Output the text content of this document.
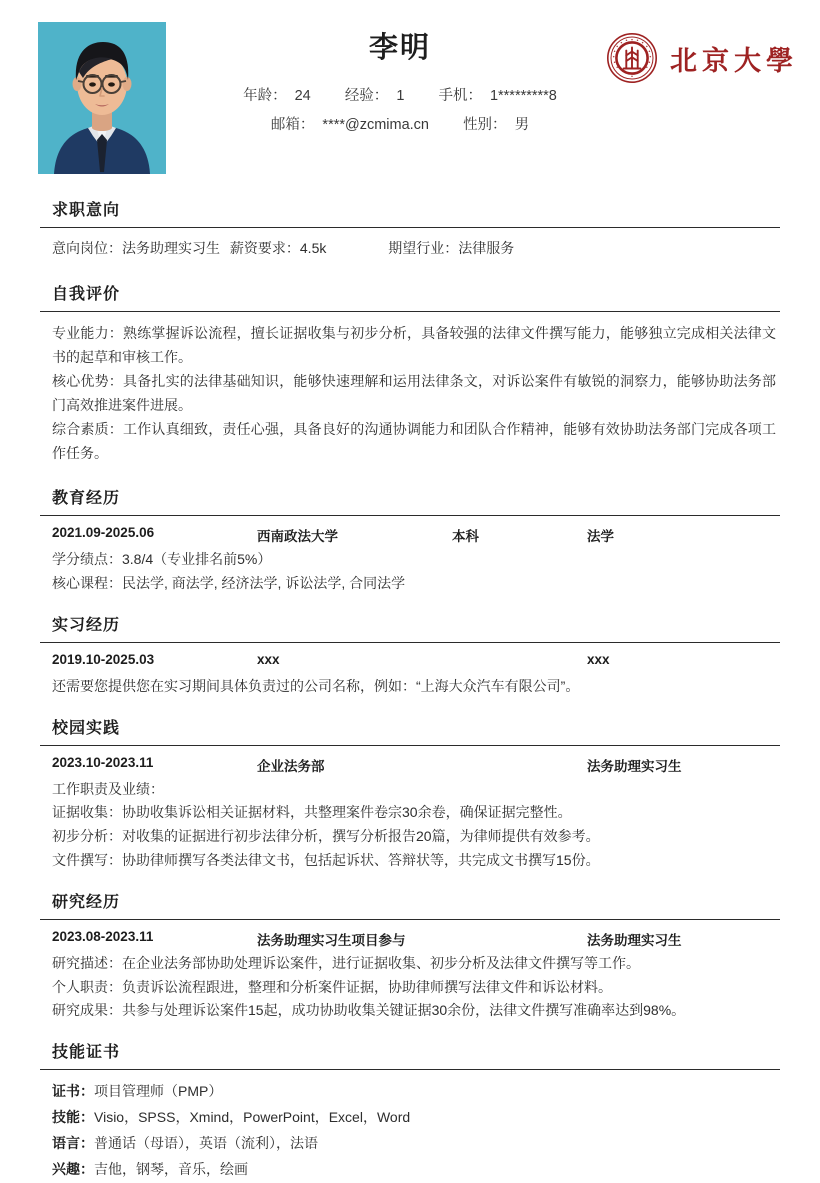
李明
年龄： 24 经验： 1 手机： 1*********8
邮箱： ****@zcmima.cn 性别： 男
北京大學
求职意向
意向岗位：法务助理实习生 薪资要求：4.5k	期望行业：法律服务
自我评价
专业能力：熟练掌握诉讼流程，擅长证据收集与初步分析，具备较强的法律文件撰写能力，能够独立完成相关法律文书的起草和审核工作。
核心优势：具备扎实的法律基础知识，能够快速理解和运用法律条文，对诉讼案件有敏锐的洞察力，能够协助法务部门高效推进案件进展。
综合素质：工作认真细致，责任心强，具备良好的沟通协调能力和团队合作精神，能够有效协助法务部门完成各项工作任务。
教育经历
2021.09-2025.06	西南政法大学	本科	法学
学分绩点：3.8/4（专业排名前5%）
核心课程：民法学, 商法学, 经济法学, 诉讼法学, 合同法学
实习经历
2019.10-2025.03	xxx	xxx
还需要您提供您在实习期间具体负责过的公司名称，例如：“上海大众汽车有限公司”。
校园实践
2023.10-2023.11	企业法务部	法务助理实习生
工作职责及业绩：
证据收集：协助收集诉讼相关证据材料，共整理案件卷宗30余卷，确保证据完整性。
初步分析：对收集的证据进行初步法律分析，撰写分析报告20篇，为律师提供有效参考。
文件撰写：协助律师撰写各类法律文书，包括起诉状、答辩状等，共完成文书撰写15份。
研究经历
2023.08-2023.11	法务助理实习生项目参与	法务助理实习生
研究描述：在企业法务部协助处理诉讼案件，进行证据收集、初步分析及法律文件撰写等工作。
个人职责：负责诉讼流程跟进，整理和分析案件证据，协助律师撰写法律文件和诉讼材料。
研究成果：共参与处理诉讼案件15起，成功协助收集关键证据30余份，法律文件撰写准确率达到98%。
技能证书
证书：项目管理师（PMP）
技能：Visio，SPSS，Xmind，PowerPoint，Excel，Word
语言：普通话（母语），英语（流利），法语
兴趣：吉他，钢琴，音乐，绘画
